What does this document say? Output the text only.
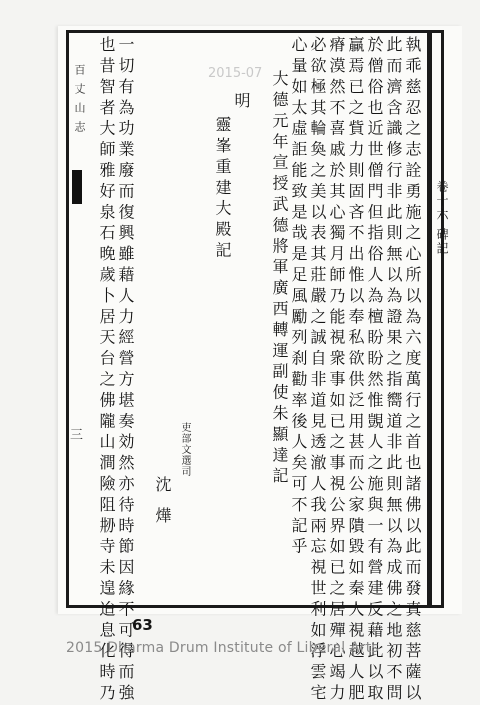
百丈山志
三
卷十六 碑記
2015-07	執乖慈忍之志詮勇施之心所以為六度萬行之首也諸佛以此而發真慈菩薩以
此而濟含識修行非此則無以為證果之指嚮道非此則無以為成佛之地初不問
於僧俗也近世僧門但指俗人為檀盼盼然惟覬人之施與一有營建反藉此以取
贏焉已之貲力則固吝不出惟以奉私欲供泛用甚而公家隤毀如秦人視越人肥
瘠漠然不喜戚於其心獨月師乃能視衆事如已之事視公界如已之居殫心竭力
必欲極其輪奐之美以表其莊嚴之誠自非道見透澈人我兩忘視世利如浮雲宅
心量如太虛詎能致是哉是足風勵列刹勸率後人矣可不記乎
大德元年宣授武德將軍廣西轉運副使朱顯達記
明
靈峯重建大殿記
一切有為功業廢而復興雖藉人力經營方堪奏効然亦待時節因緣不可得而強
也昔智者大師雅好泉石晚歲卜居天台之佛隴山澗險阻刱寺未遑迨息化時乃	吏部文選司
沈 燁
63
2015 Dharma Drum Institute of Liberal Arts
